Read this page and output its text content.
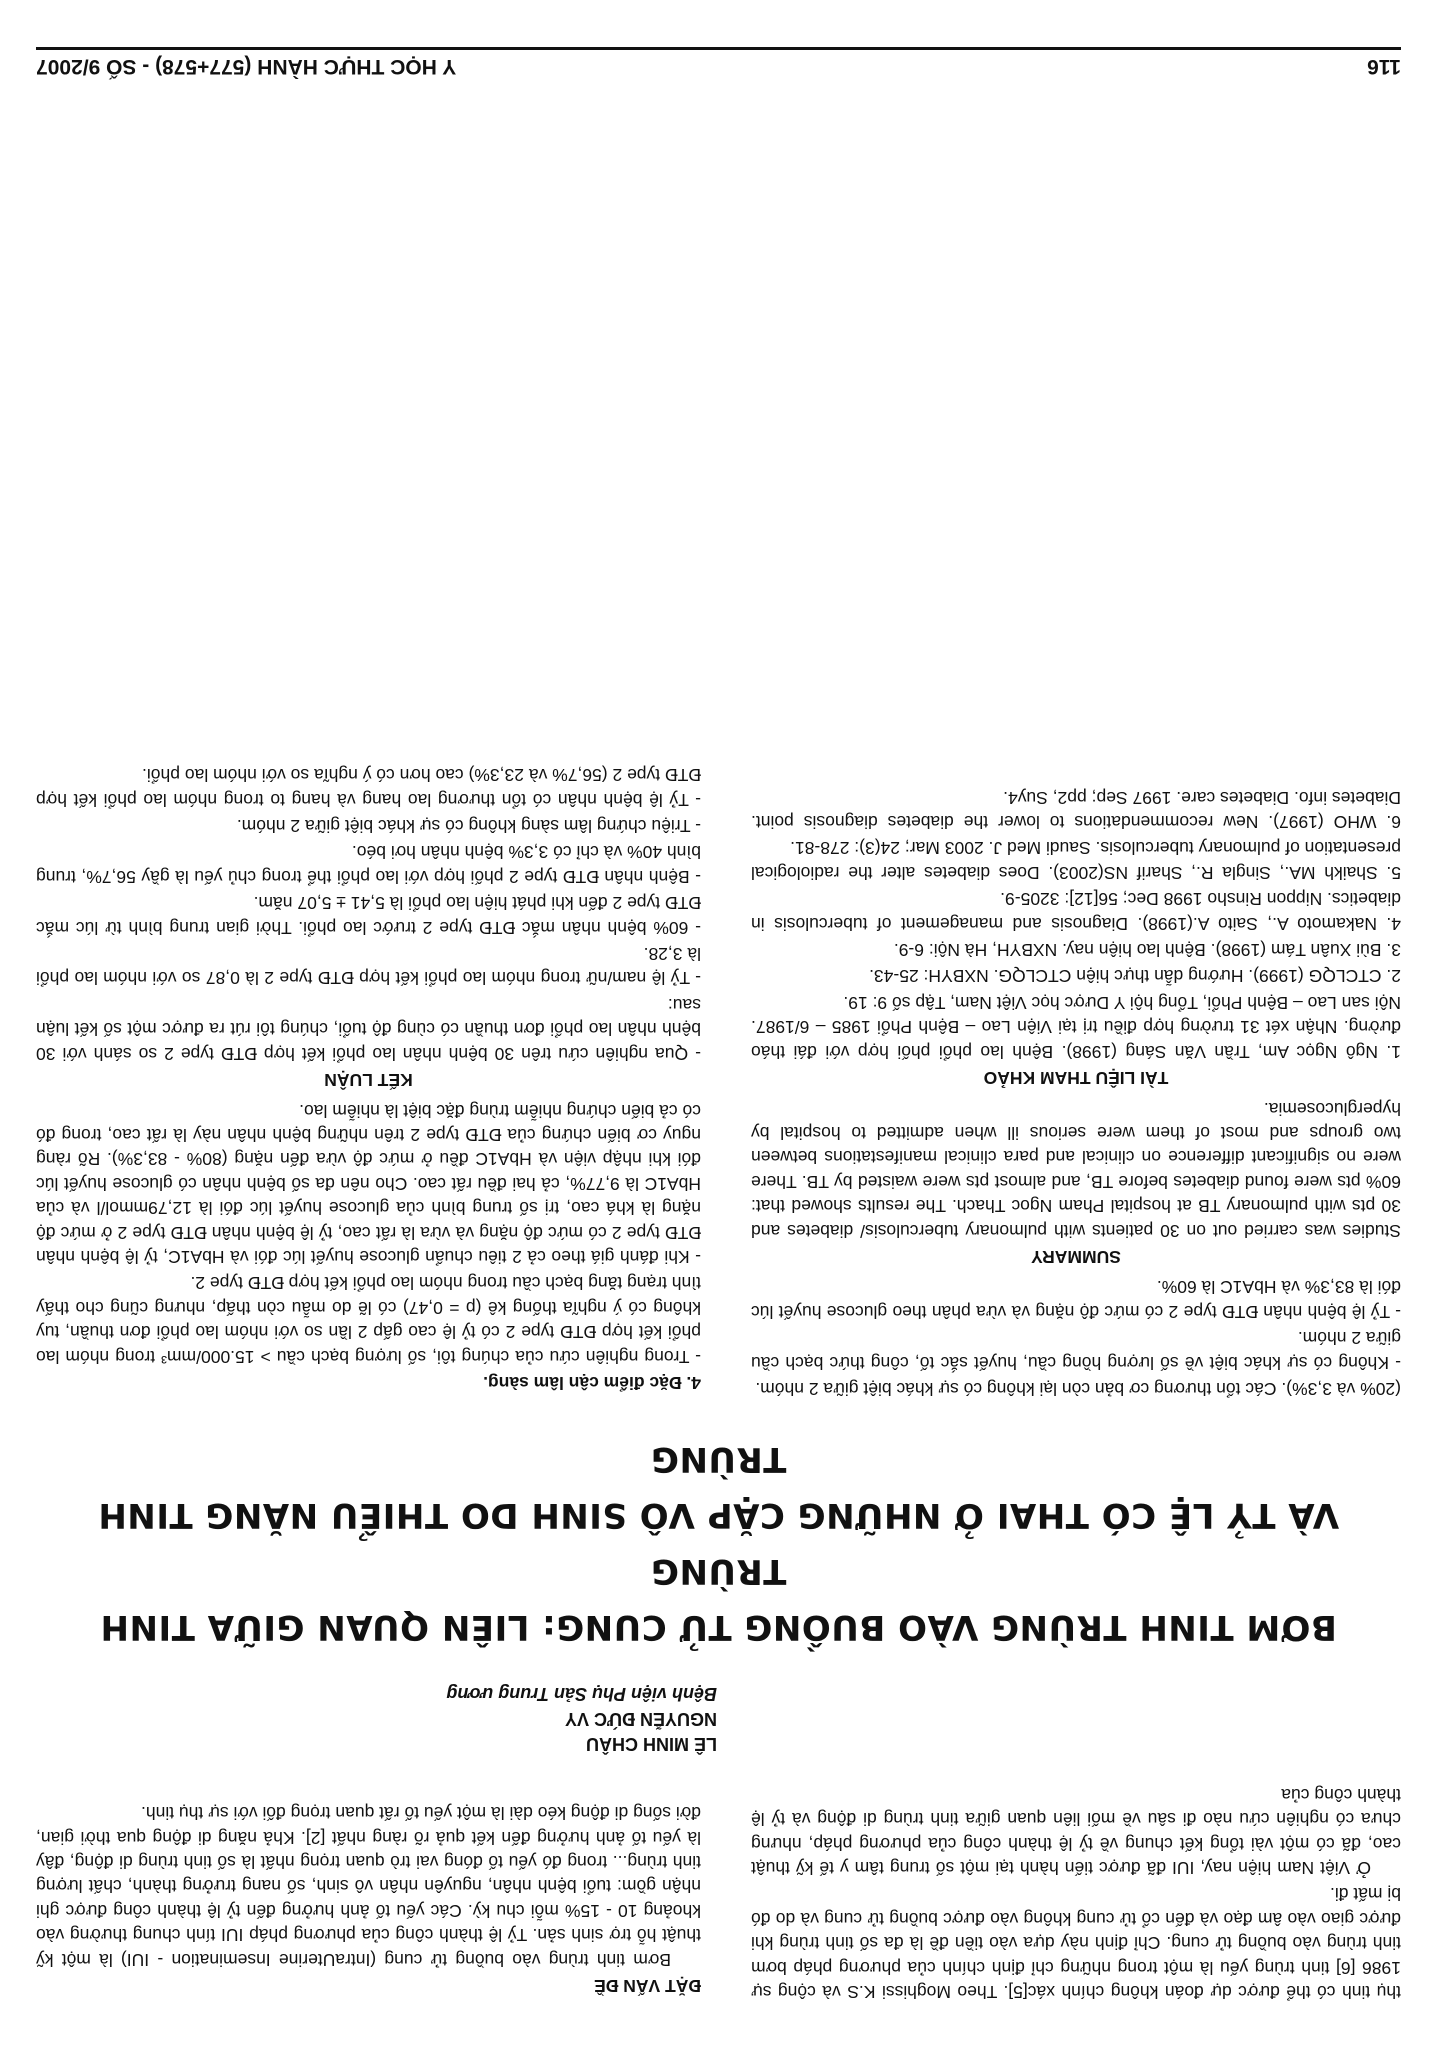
116
Y HỌC THỰC HÀNH (577+578) - SỐ 9/2007

(20% và 3,3%). Các tổn thương cơ bản còn lại không có sự khác biệt giữa 2 nhóm.

- Không có sự khác biệt về số lượng hồng cầu, huyết sắc tố, công thức bạch cầu giữa 2 nhóm.

- Tỷ lệ bệnh nhân ĐTĐ type 2 có mức độ nặng và vừa phân theo glucose huyết lúc đói là 83,3% và HbA1C là 60%.

SUMMARY

Studies was carried out on 30 patients with pulmonary tuberculosis/ diabetes and 30 pts with pulmonary TB at hospital Pham Ngoc Thach. The results showed that: 60% pts were found diabetes before TB, and almost pts were waisted by TB. There were no significant difference on clinical and para clinical manifestations between two groups and most of them were serious ill when admitted to hospital by hyperglucosemia.

TÀI LIỆU THAM KHẢO

1. Ngô Ngọc Am, Trần Văn Sáng (1998). Bệnh lao phổi phối hợp với đái tháo đường. Nhận xét 31 trường hợp điều trị tại Viện Lao – Bệnh Phổi 1985 – 6/1987. Nội san Lao – Bệnh Phổi, Tổng hội Y Dược học Việt Nam, Tập số 9: 19.

2. CTCLQG (1999). Hướng dẫn thực hiện CTCLQG. NXBYH: 25-43.

3. Bùi Xuân Tám (1998). Bệnh lao hiện nay. NXBYH, Hà Nội: 6-9.

4. Nakamoto A., Saito A.(1998). Diagnosis and management of tuberculosis in diabetics. Nippon Rinsho 1998 Dec; 56[12]: 3205-9.

5. Shaikh MA., Singla R., Sharif NS(2003). Does diabetes alter the radiological presentation of pulmonary tuberculosis. Saudi Med J. 2003 Mar; 24(3): 278-81.

6. WHO (1997). New recommendations to lower the diabetes diagnosis point. Diabetes info. Diabetes care. 1997 Sep; pp2, Suy4.

4. Đặc điểm cận lâm sàng.

- Trong nghiên cứu của chúng tôi, số lượng bạch cầu > 15.000/mm³ trong nhóm lao phổi kết hợp ĐTĐ type 2 có tỷ lệ cao gấp 2 lần so với nhóm lao phổi đơn thuần, tuy không có ý nghĩa thống kê (p = 0,47) có lẽ do mẫu còn thấp, nhưng cũng cho thấy tình trạng tăng bạch cầu trong nhóm lao phổi kết hợp ĐTĐ type 2.

- Khi đánh giá theo cả 2 tiêu chuẩn glucose huyết lúc đói và HbA1C, tỷ lệ bệnh nhân ĐTĐ type 2 có mức độ nặng và vừa là rất cao, tỷ lệ bệnh nhân ĐTĐ type 2 ở mức độ nặng là khá cao, trị số trung bình của glucose huyết lúc đói là 12,79mmol/l và của HbA1C là 9,77%, cả hai đều rất cao. Cho nên đa số bệnh nhân có glucose huyết lúc đói khi nhập viện và HbA1C đều ở mức độ vừa đến nặng (80% - 83,3%). Rõ ràng nguy cơ biến chứng của ĐTĐ type 2 trên những bệnh nhân này là rất cao, trong đó có cả biến chứng nhiễm trùng đặc biệt là nhiễm lao.

KẾT LUẬN

- Qua nghiên cứu trên 30 bệnh nhân lao phổi kết hợp ĐTĐ type 2 so sánh với 30 bệnh nhân lao phổi đơn thuần có cùng độ tuổi, chúng tôi rút ra được một số kết luận sau:

- Tỷ lệ nam/nữ trong nhóm lao phổi kết hợp ĐTĐ type 2 là 0,87 so với nhóm lao phổi là 3,28.

- 60% bệnh nhân mắc ĐTĐ type 2 trước lao phổi. Thời gian trung bình từ lúc mắc ĐTĐ type 2 đến khi phát hiện lao phổi là 5,41 ± 5,07 năm.

- Bệnh nhân ĐTĐ type 2 phối hợp với lao phổi thể trong chủ yếu là gầy 56,7%, trung bình 40% và chỉ có 3,3% bệnh nhân hơi béo.

- Triệu chứng lâm sàng không có sự khác biệt giữa 2 nhóm.

- Tỷ lệ bệnh nhân có tổn thương lao hang và hang to trong nhóm lao phổi kết hợp ĐTĐ type 2 (56,7% và 23,3%) cao hơn có ý nghĩa so với nhóm lao phổi.

BƠM TINH TRÙNG VÀO BUỒNG TỬ CUNG: LIÊN QUAN GIỮA TINH TRÙNG
VÀ TỶ LỆ CÓ THAI Ở NHỮNG CẶP VÔ SINH DO THIỂU NĂNG TINH TRÙNG
LÊ MINH CHÂU
NGUYỄN ĐỨC VY
Bệnh viện Phụ Sản Trung ương

thụ tinh có thể được dự đoán không chính xác[5]. Theo Moghissi K.S và cộng sự 1986 [6] tinh trùng yếu là một trong những chỉ định chính của phương pháp bơm tinh trùng vào buồng tử cung. Chỉ định này dựa vào tiền đề là đa số tinh trùng khi được giao vào âm đạo và đến cổ tử cung không vào được buồng tử cung và do đó bị mất đi.

Ở Việt Nam hiện nay, IUI đã được tiến hành tại một số trung tâm y tế kỹ thuật cao, đã có một vài tổng kết chung về tỷ lệ thành công của phương pháp, nhưng chưa có nghiên cứu nào đi sâu về mối liên quan giữa tinh trùng di động và tỷ lệ thành công của

ĐẶT VẤN ĐỀ

Bơm tinh trùng vào buồng tử cung (IntraUterine Insemination - IUI) là một kỹ thuật hỗ trợ sinh sản. Tỷ lệ thành công của phương pháp IUI tính chung thường vào khoảng 10 - 15% mỗi chu kỳ. Các yếu tố ảnh hưởng đến tỷ lệ thành công được ghi nhận gồm: tuổi bệnh nhân, nguyên nhân vô sinh, số nang trưởng thành, chất lượng tinh trùng... trong đó yếu tố đóng vai trò quan trọng nhất là số tinh trùng di động, đây là yếu tố ảnh hưởng đến kết quả rõ ràng nhất [2]. Khả năng di động qua thời gian, đời sống di động kéo dài là một yếu tố rất quan trọng đối với sự thụ tinh.
